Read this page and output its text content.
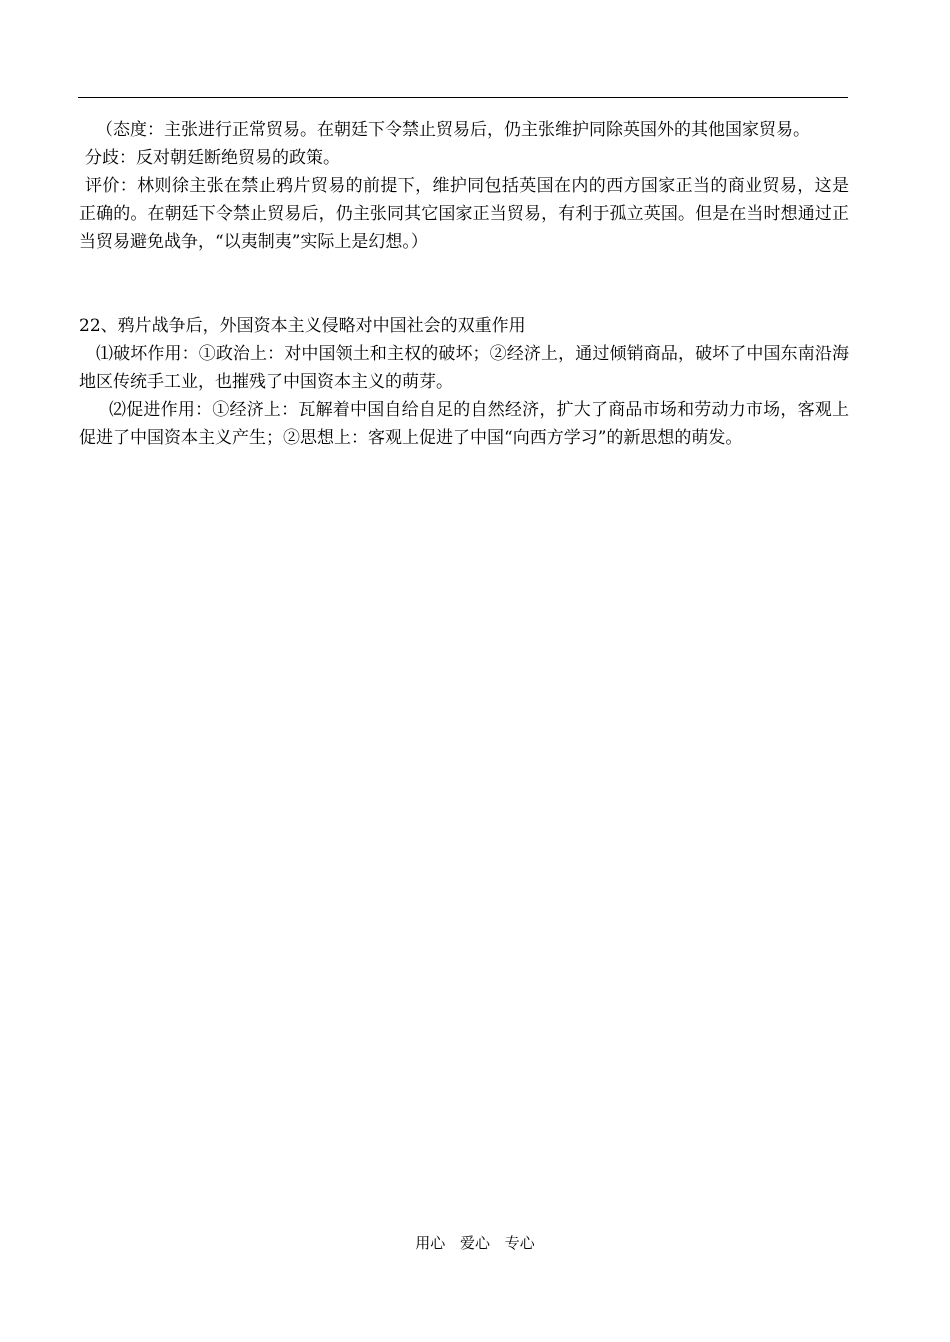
（态度：主张进行正常贸易。在朝廷下令禁止贸易后，仍主张维护同除英国外的其他国家贸易。

分歧：反对朝廷断绝贸易的政策。

评价：林则徐主张在禁止鸦片贸易的前提下，维护同包括英国在内的西方国家正当的商业贸易，这是正确的。在朝廷下令禁止贸易后，仍主张同其它国家正当贸易，有利于孤立英国。但是在当时想通过正当贸易避免战争，“以夷制夷”实际上是幻想。）

22、鸦片战争后，外国资本主义侵略对中国社会的双重作用

⑴破坏作用：①政治上：对中国领土和主权的破坏；②经济上，通过倾销商品，破坏了中国东南沿海地区传统手工业，也摧残了中国资本主义的萌芽。

⑵促进作用：①经济上：瓦解着中国自给自足的自然经济，扩大了商品市场和劳动力市场，客观上促进了中国资本主义产生；②思想上：客观上促进了中国“向西方学习”的新思想的萌发。

用心 爱心 专心
